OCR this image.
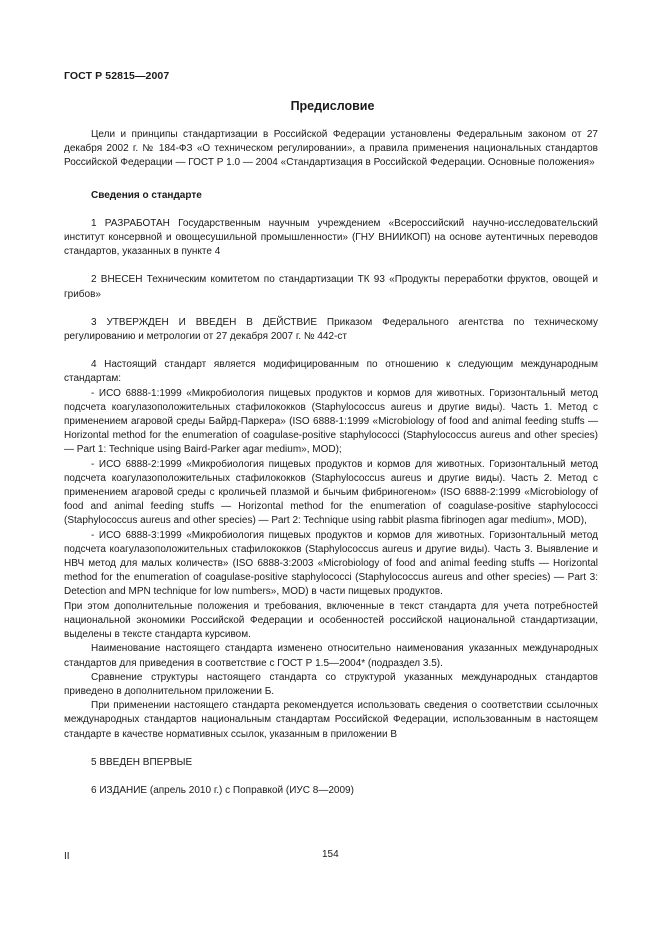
ГОСТ Р 52815—2007
Предисловие

Цели и принципы стандартизации в Российской Федерации установлены Федеральным законом от 27 декабря 2002 г. № 184-ФЗ «О техническом регулировании», а правила применения национальных стандартов Российской Федерации — ГОСТ Р 1.0 — 2004 «Стандартизация в Российской Федерации. Основные положения»

Сведения о стандарте

1 РАЗРАБОТАН Государственным научным учреждением «Всероссийский научно-исследовательский институт консервной и овощесушильной промышленности» (ГНУ ВНИИКОП) на основе аутентичных переводов стандартов, указанных в пункте 4

2 ВНЕСЕН Техническим комитетом по стандартизации ТК 93 «Продукты переработки фруктов, овощей и грибов»

3 УТВЕРЖДЕН И ВВЕДЕН В ДЕЙСТВИЕ Приказом Федерального агентства по техническому регулированию и метрологии от 27 декабря 2007 г. № 442-ст

4 Настоящий стандарт является модифицированным по отношению к следующим международным стандартам:

- ИСО 6888-1:1999 «Микробиология пищевых продуктов и кормов для животных. Горизонтальный метод подсчета коагулазоположительных стафилококков (Staphylococcus aureus и другие виды). Часть 1. Метод с применением агаровой среды Байрд-Паркера» (ISO 6888-1:1999 «Microbiology of food and animal feeding stuffs — Horizontal method for the enumeration of coagulase-positive staphylococci (Staphylococcus aureus and other species) — Part 1: Technique using Baird-Parker agar medium», MOD);

- ИСО 6888-2:1999 «Микробиология пищевых продуктов и кормов для животных. Горизонтальный метод подсчета коагулазоположительных стафилококков (Staphylococcus aureus и другие виды). Часть 2. Метод с применением агаровой среды с кроличьей плазмой и бычьим фибриногеном» (ISO 6888-2:1999 «Microbiology of food and animal feeding stuffs — Horizontal method for the enumeration of coagulase-positive staphylococci (Staphylococcus aureus and other species) — Part 2: Technique using rabbit plasma fibrinogen agar medium», MOD),

- ИСО 6888-3:1999 «Микробиология пищевых продуктов и кормов для животных. Горизонтальный метод подсчета коагулазоположительных стафилококков (Staphylococcus aureus и другие виды). Часть 3. Выявление и НВЧ метод для малых количеств» (ISO 6888-3:2003 «Microbiology of food and animal feeding stuffs — Horizontal method for the enumeration of coagulase-positive staphylococci (Staphylococcus aureus and other species) — Part 3: Detection and MPN technique for low numbers», MOD) в части пищевых продуктов.

При этом дополнительные положения и требования, включенные в текст стандарта для учета потребностей национальной экономики Российской Федерации и особенностей российской национальной стандартизации, выделены в тексте стандарта курсивом.

Наименование настоящего стандарта изменено относительно наименования указанных международных стандартов для приведения в соответствие с ГОСТ Р 1.5—2004* (подраздел 3.5).

Сравнение структуры настоящего стандарта со структурой указанных международных стандартов приведено в дополнительном приложении Б.

При применении настоящего стандарта рекомендуется использовать сведения о соответствии ссылочных международных стандартов национальным стандартам Российской Федерации, использованным в настоящем стандарте в качестве нормативных ссылок, указанным в приложении В

5 ВВЕДЕН ВПЕРВЫЕ

6 ИЗДАНИЕ (апрель 2010 г.) с Поправкой (ИУС 8—2009)

II	154
